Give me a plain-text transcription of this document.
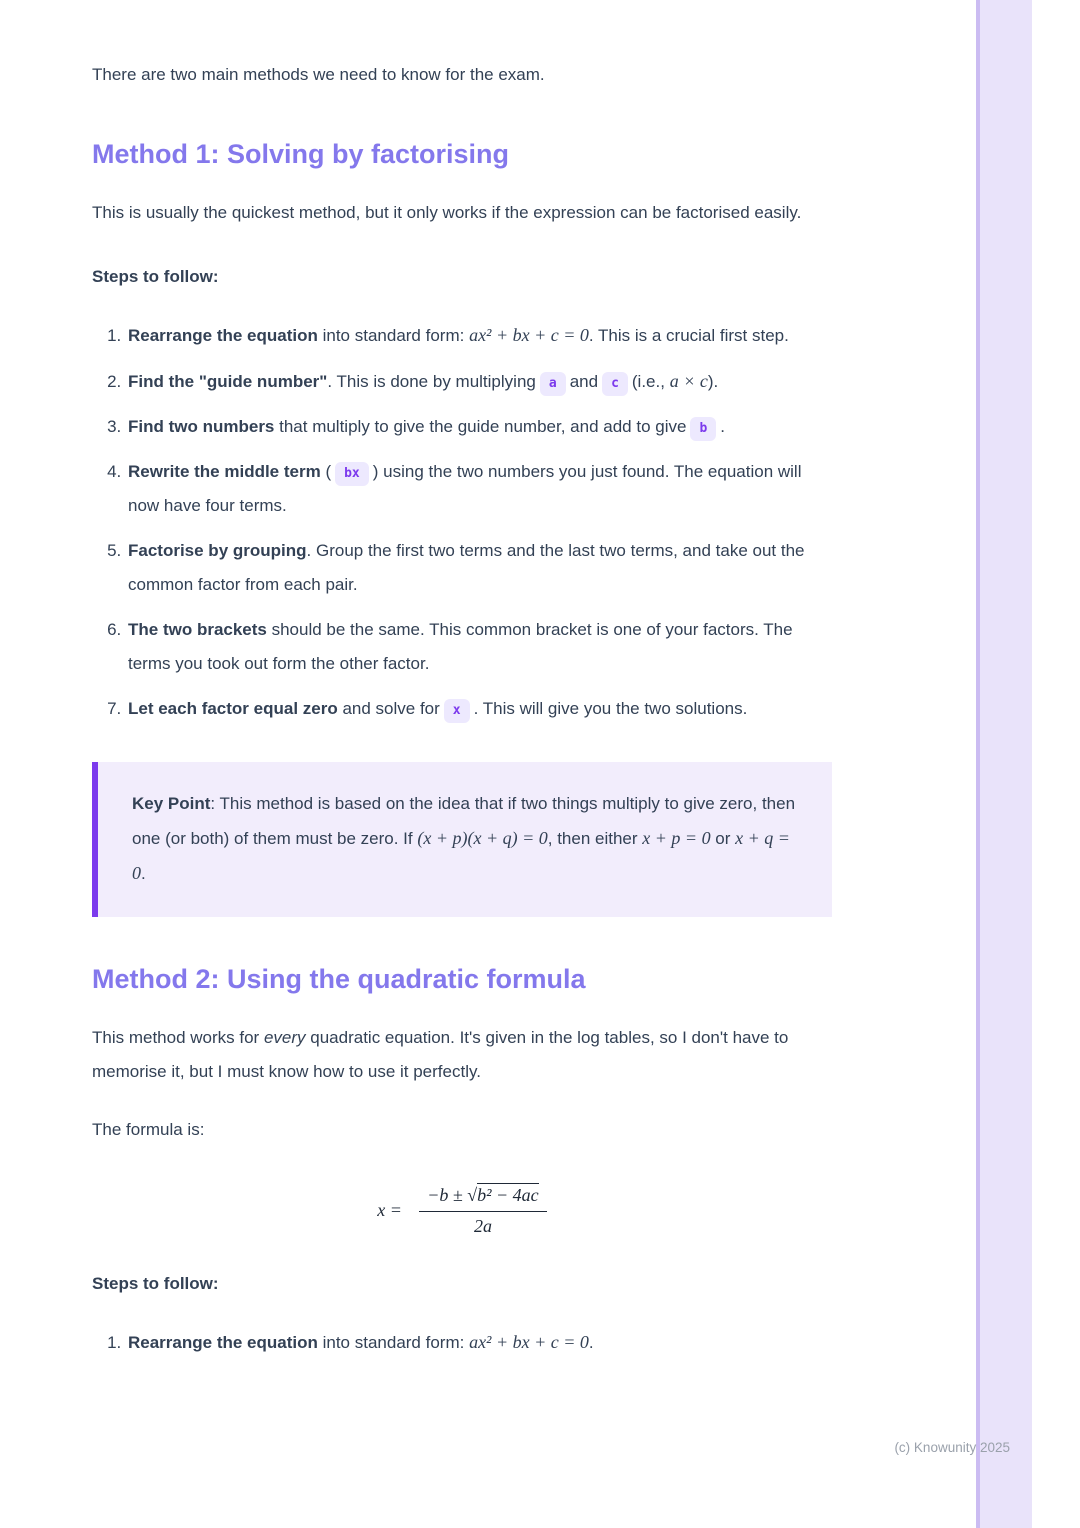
There are two main methods we need to know for the exam.

Method 1: Solving by factorising

This is usually the quickest method, but it only works if the expression can be factorised easily.

Steps to follow:

1. Rearrange the equation into standard form: ax² + bx + c = 0. This is a crucial first step.
2. Find the "guide number". This is done by multiplying a and c (i.e., a × c).
3. Find two numbers that multiply to give the guide number, and add to give b .
4. Rewrite the middle term ( bx ) using the two numbers you just found. The equation will now have four terms.
5. Factorise by grouping. Group the first two terms and the last two terms, and take out the common factor from each pair.
6. The two brackets should be the same. This common bracket is one of your factors. The terms you took out form the other factor.
7. Let each factor equal zero and solve for x . This will give you the two solutions.

Key Point: This method is based on the idea that if two things multiply to give zero, then one (or both) of them must be zero. If (x + p)(x + q) = 0, then either x + p = 0 or x + q = 0.

Method 2: Using the quadratic formula

This method works for every quadratic equation. It's given in the log tables, so I don't have to memorise it, but I must know how to use it perfectly.

The formula is:

$x = \frac{\text{−b ± √b² − 4ac}}{2a}$

Steps to follow:

1. Rearrange the equation into standard form: ax² + bx + c = 0.
(c) Knowunity 2025
